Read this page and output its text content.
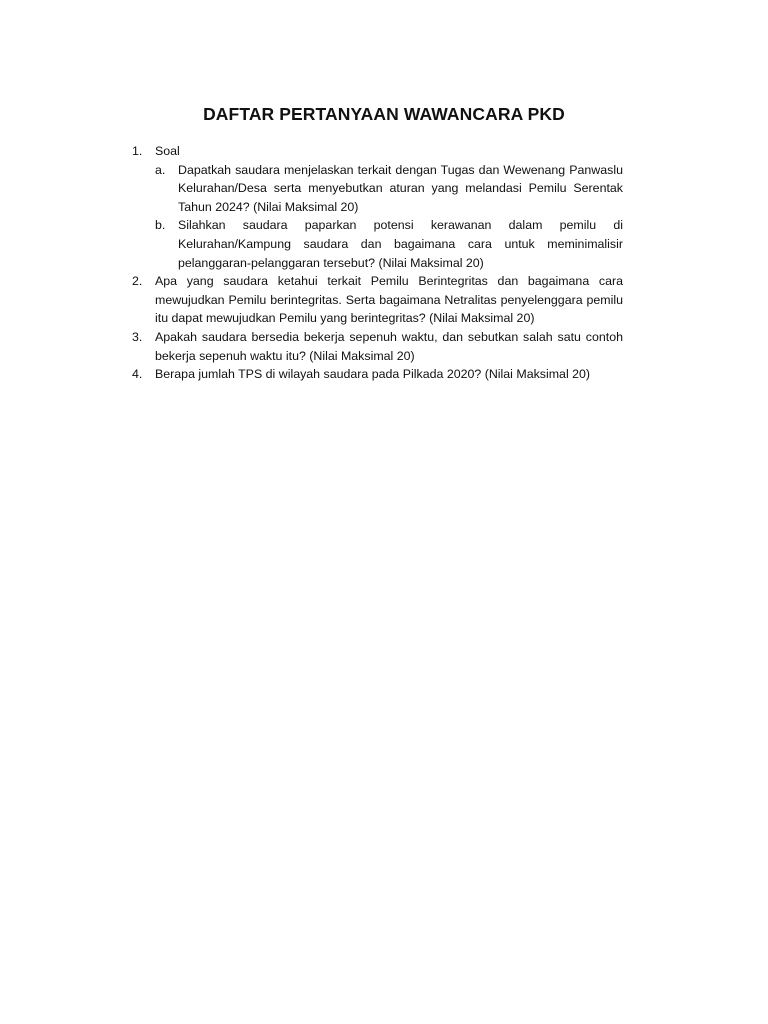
DAFTAR PERTANYAAN WAWANCARA PKD
1.	Soal
a.	Dapatkah saudara menjelaskan terkait dengan Tugas dan Wewenang Panwaslu Kelurahan/Desa serta menyebutkan aturan yang melandasi Pemilu Serentak Tahun 2024? (Nilai Maksimal 20)
b.	Silahkan saudara paparkan potensi kerawanan dalam pemilu di Kelurahan/Kampung saudara dan bagaimana cara untuk meminimalisir pelanggaran-pelanggaran tersebut? (Nilai Maksimal 20)
2.	Apa yang saudara ketahui terkait Pemilu Berintegritas dan bagaimana cara mewujudkan Pemilu berintegritas. Serta bagaimana Netralitas penyelenggara pemilu itu dapat mewujudkan Pemilu yang berintegritas? (Nilai Maksimal 20)
3.	Apakah saudara bersedia bekerja sepenuh waktu, dan sebutkan salah satu contoh bekerja sepenuh waktu itu? (Nilai Maksimal 20)
4.	Berapa jumlah TPS di wilayah saudara pada Pilkada 2020? (Nilai Maksimal 20)
